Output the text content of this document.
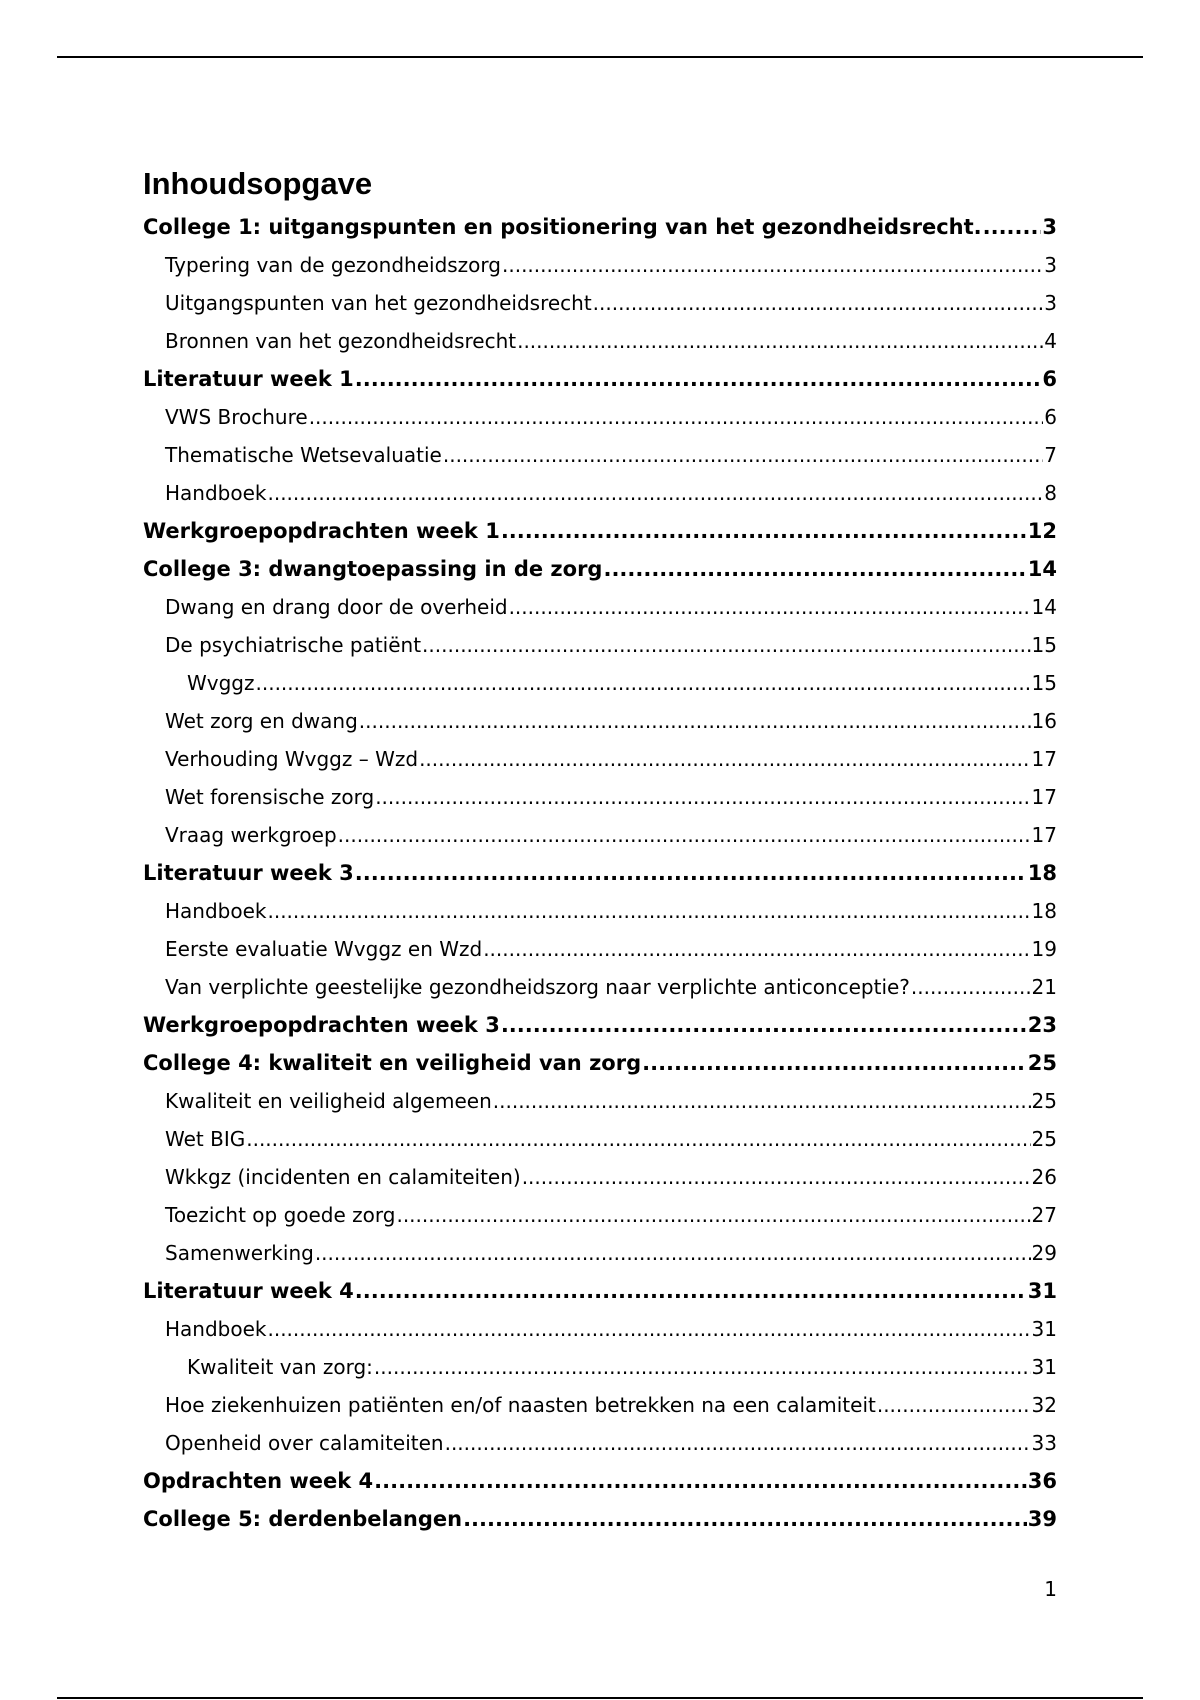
Inhoudsopgave
College 1: uitgangspunten en positionering van het gezondheidsrecht. .....	3
Typering van de gezondheidszorg .....	3
Uitgangspunten van het gezondheidsrecht .....	3
Bronnen van het gezondheidsrecht .....	4
Literatuur week 1 .....	6
VWS Brochure .....	6
Thematische Wetsevaluatie .....	7
Handboek .....	8
Werkgroepopdrachten week 1 .....	12
College 3: dwangtoepassing in de zorg .....	14
Dwang en drang door de overheid .....	14
De psychiatrische patiënt .....	15
Wvggz .....	15
Wet zorg en dwang .....	16
Verhouding Wvggz – Wzd .....	17
Wet forensische zorg .....	17
Vraag werkgroep .....	17
Literatuur week 3 .....	18
Handboek .....	18
Eerste evaluatie Wvggz en Wzd .....	19
Van verplichte geestelijke gezondheidszorg naar verplichte anticonceptie? .....	21
Werkgroepopdrachten week 3 .....	23
College 4: kwaliteit en veiligheid van zorg .....	25
Kwaliteit en veiligheid algemeen .....	25
Wet BIG .....	25
Wkkgz (incidenten en calamiteiten) .....	26
Toezicht op goede zorg .....	27
Samenwerking .....	29
Literatuur week 4 .....	31
Handboek .....	31
Kwaliteit van zorg: .....	31
Hoe ziekenhuizen patiënten en/of naasten betrekken na een calamiteit .....	32
Openheid over calamiteiten .....	33
Opdrachten week 4 .....	36
College 5: derdenbelangen .....	39
1
